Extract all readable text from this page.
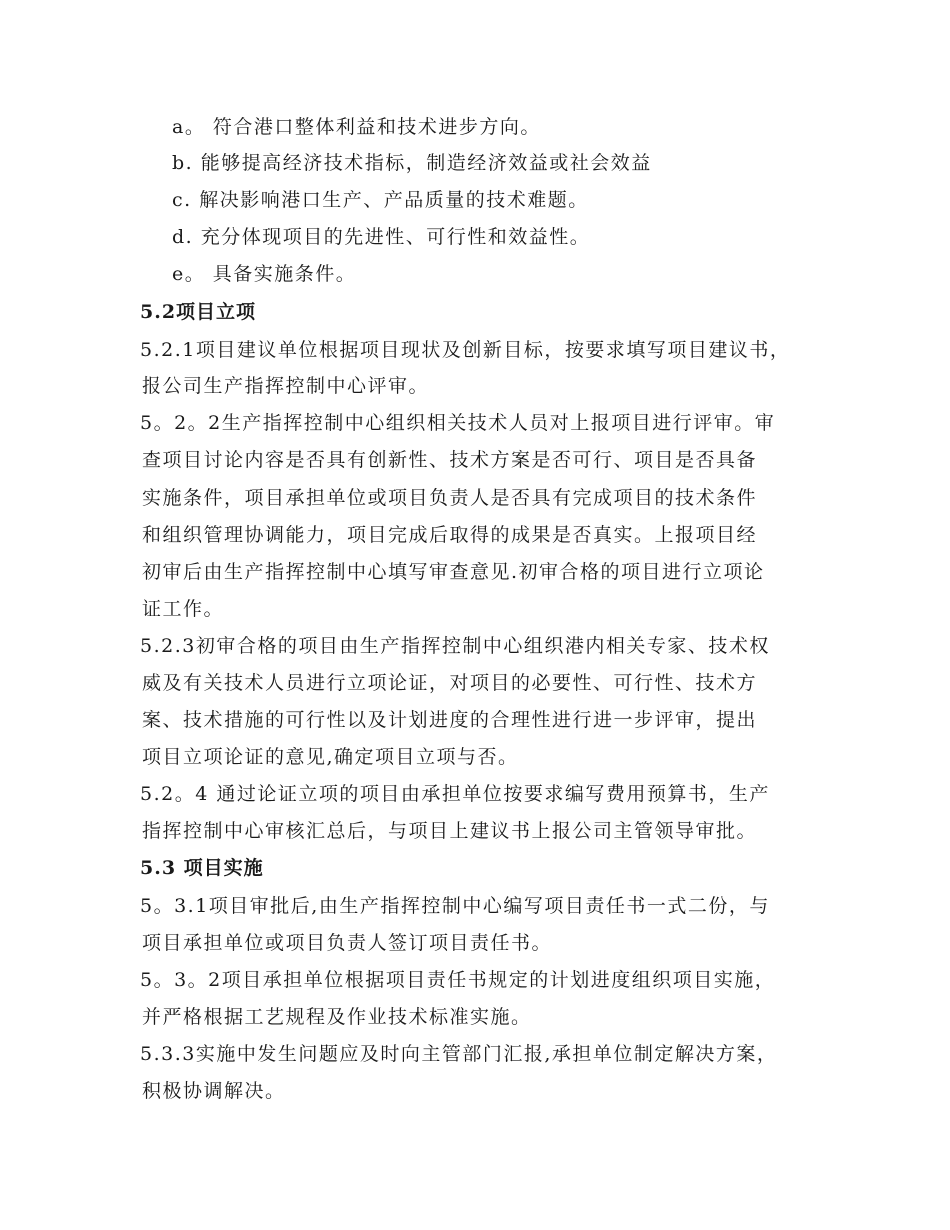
a。 符合港口整体利益和技术进步方向。
b. 能够提高经济技术指标，制造经济效益或社会效益
c. 解决影响港口生产、产品质量的技术难题。
d. 充分体现项目的先进性、可行性和效益性。
e。 具备实施条件。
5.2项目立项
5.2.1项目建议单位根据项目现状及创新目标，按要求填写项目建议书，
报公司生产指挥控制中心评审。
5。2。2生产指挥控制中心组织相关技术人员对上报项目进行评审。审
查项目讨论内容是否具有创新性、技术方案是否可行、项目是否具备
实施条件，项目承担单位或项目负责人是否具有完成项目的技术条件
和组织管理协调能力，项目完成后取得的成果是否真实。上报项目经
初审后由生产指挥控制中心填写审查意见.初审合格的项目进行立项论
证工作。
5.2.3初审合格的项目由生产指挥控制中心组织港内相关专家、技术权
威及有关技术人员进行立项论证，对项目的必要性、可行性、技术方
案、技术措施的可行性以及计划进度的合理性进行进一步评审，提出
项目立项论证的意见,确定项目立项与否。
5.2。4 通过论证立项的项目由承担单位按要求编写费用预算书，生产
指挥控制中心审核汇总后，与项目上建议书上报公司主管领导审批。
5.3 项目实施
5。3.1项目审批后,由生产指挥控制中心编写项目责任书一式二份，与
项目承担单位或项目负责人签订项目责任书。
5。3。2项目承担单位根据项目责任书规定的计划进度组织项目实施，
并严格根据工艺规程及作业技术标准实施。
5.3.3实施中发生问题应及时向主管部门汇报,承担单位制定解决方案，
积极协调解决。
